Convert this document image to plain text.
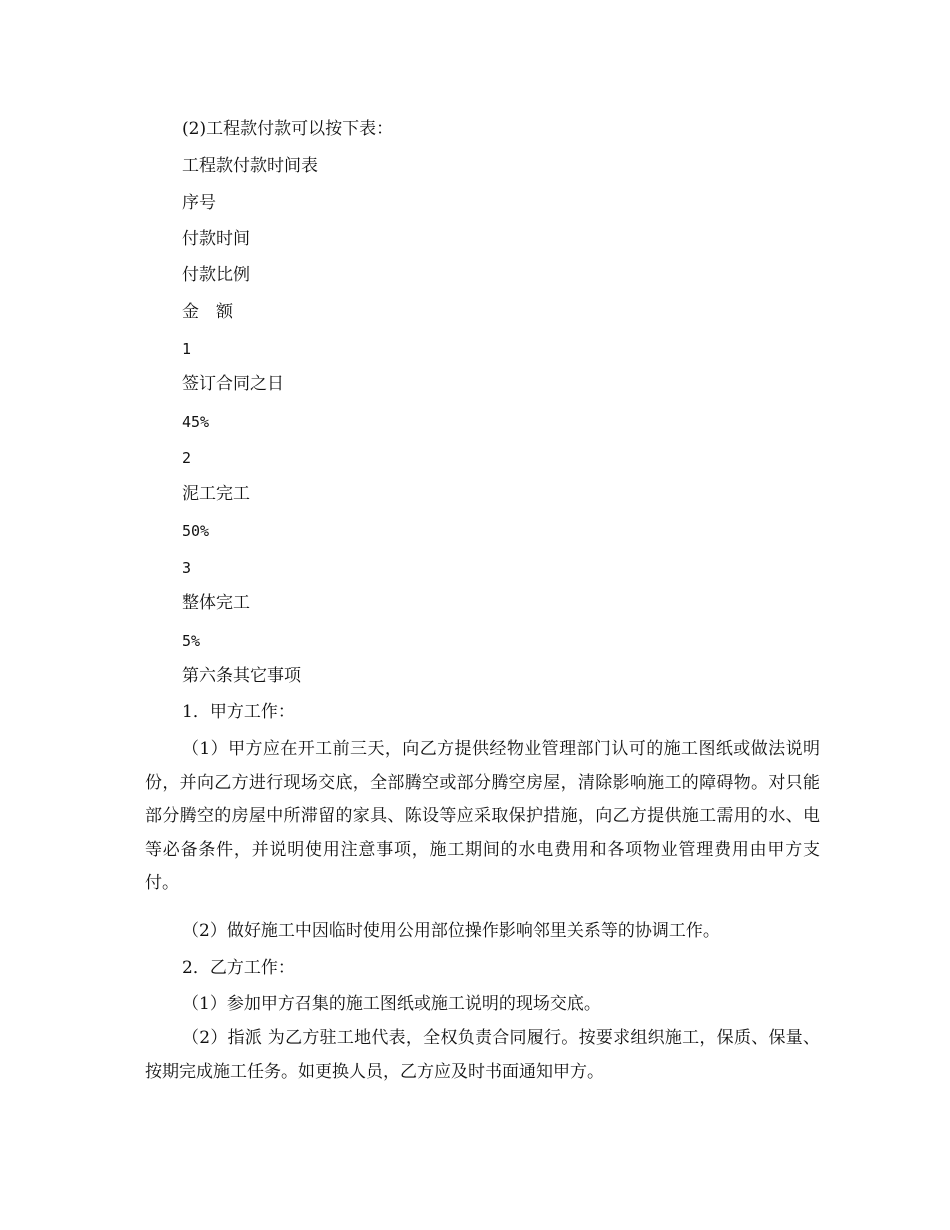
(2)工程款付款可以按下表：
工程款付款时间表
序号
付款时间
付款比例
金　额
1
签订合同之日
45%
2
泥工完工
50%
3
整体完工
5%
第六条其它事项
1．甲方工作：
（1）甲方应在开工前三天，向乙方提供经物业管理部门认可的施工图纸或做法说明 份，并向乙方进行现场交底，全部腾空或部分腾空房屋，清除影响施工的障碍物。对只能部分腾空的房屋中所滞留的家具、陈设等应采取保护措施，向乙方提供施工需用的水、电等必备条件，并说明使用注意事项，施工期间的水电费用和各项物业管理费用由甲方支付。
（2）做好施工中因临时使用公用部位操作影响邻里关系等的协调工作。
2．乙方工作：
（1）参加甲方召集的施工图纸或施工说明的现场交底。
（2）指派 为乙方驻工地代表，全权负责合同履行。按要求组织施工，保质、保量、按期完成施工任务。如更换人员，乙方应及时书面通知甲方。
